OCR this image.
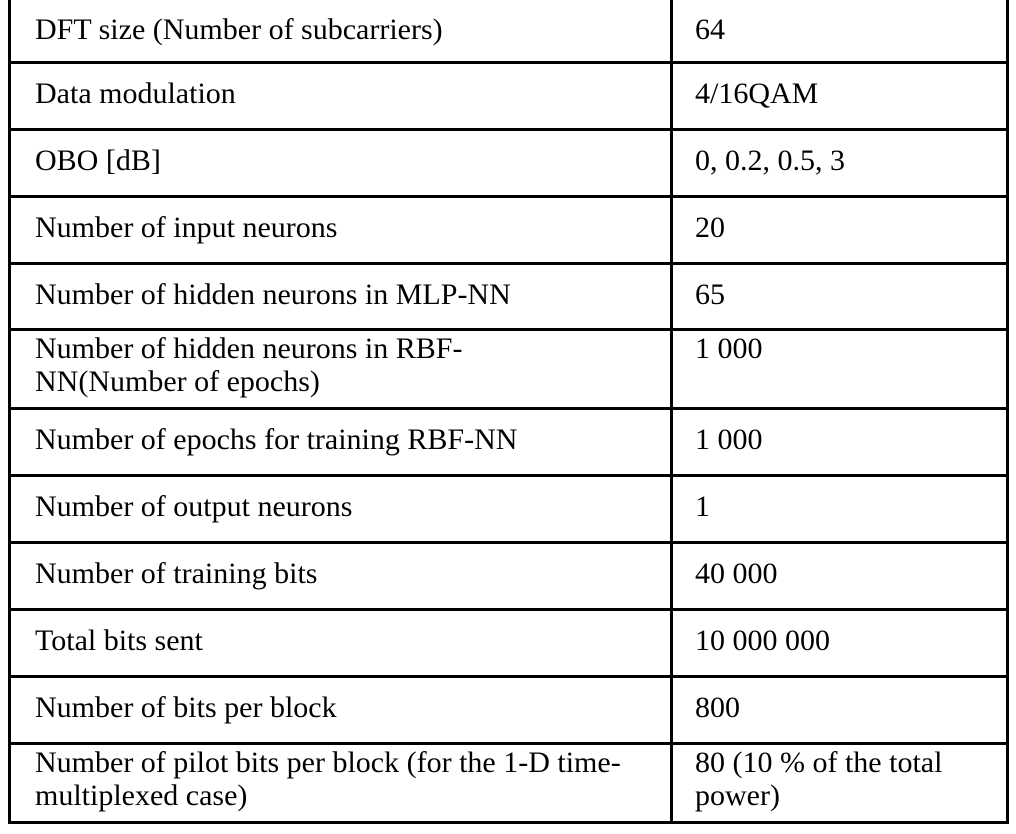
DFT size (Number of subcarriers)	64
Data modulation	4/16QAM
OBO [dB]	0, 0.2, 0.5, 3
Number of input neurons	20
Number of hidden neurons in MLP-NN	65

Number of hidden neurons in RBF-NN(Number of epochs)	1 000
Number of epochs for training RBF-NN	1 000
Number of output neurons	1
Number of training bits	40 000
Total bits sent	10 000 000
Number of bits per block	800

Number of pilot bits per block (for the 1-D time-multiplexed case)	80 (10 % of the total power)
